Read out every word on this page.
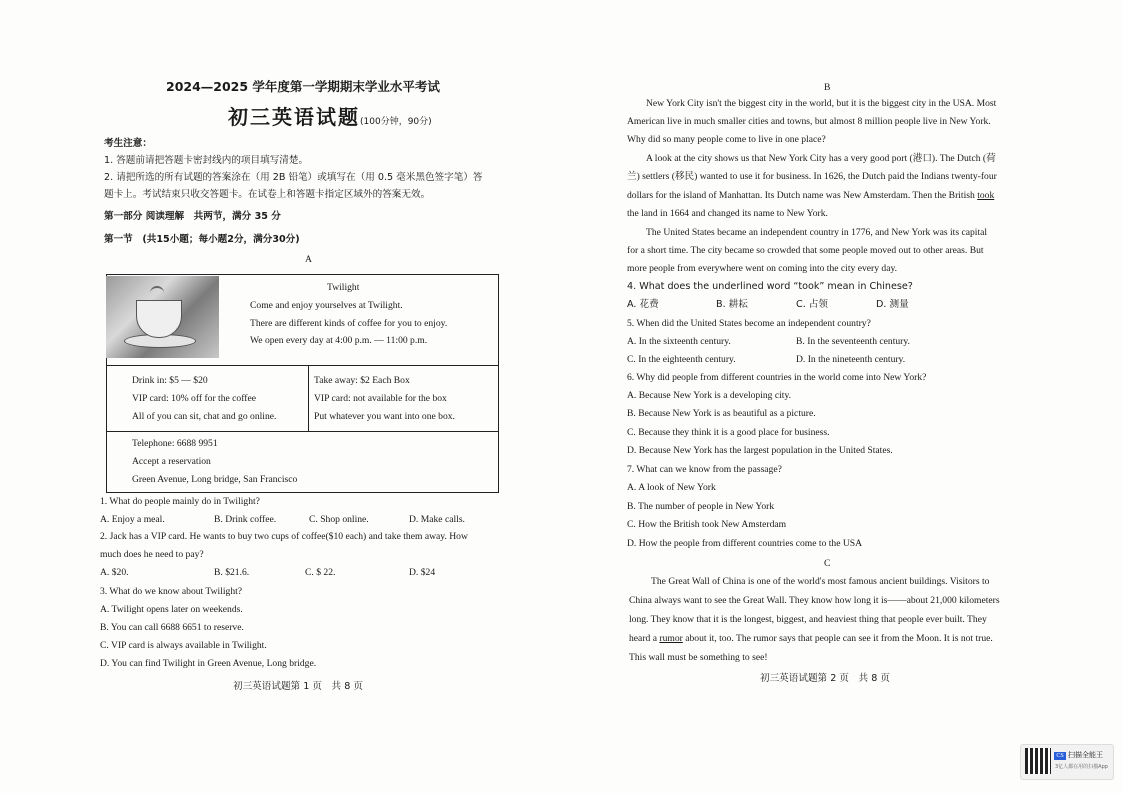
2024—2025 学年度第一学期期末学业水平考试
初三英语试题(100分钟，90分)
考生注意：
1. 答题前请把答题卡密封线内的项目填写清楚。
2. 请把所选的所有试题的答案涂在（用 2B 铅笔）或填写在（用 0.5 毫米黑色签字笔）答
题卡上。考试结束只收交答题卡。在试卷上和答题卡指定区域外的答案无效。
第一部分 阅读理解　共两节，满分 35 分
第一节　(共15小题；每小题2分，满分30分)
A
Twilight
Come and enjoy yourselves at Twilight.
There are different kinds of coffee for you to enjoy.
We open every day at 4:00 p.m. — 11:00 p.m.
Drink in: $5 — $20
VIP card: 10% off for the coffee
All of you can sit, chat and go online.
Take away: $2 Each Box
VIP card: not available for the box
Put whatever you want into one box.
Telephone: 6688 9951
Accept a reservation
Green Avenue, Long bridge, San Francisco
1. What do people mainly do in Twilight?
A. Enjoy a meal.	B. Drink coffee.	C. Shop online.	D. Make calls.
2. Jack has a VIP card. He wants to buy two cups of coffee($10 each) and take them away. How
much does he need to pay?
A. $20.	B. $21.6.	C. $ 22.	D. $24
3. What do we know about Twilight?
A. Twilight opens later on weekends.
B. You can call 6688 6651 to reserve.
C. VIP card is always available in Twilight.
D. You can find Twilight in Green Avenue, Long bridge.
初三英语试题第 1 页　共 8 页
B
New York City isn't the biggest city in the world, but it is the biggest city in the USA. Most
American live in much smaller cities and towns, but almost 8 million people live in New York.
Why did so many people come to live in one place?
A look at the city shows us that New York City has a very good port (港口). The Dutch (荷
兰) settlers (移民) wanted to use it for business. In 1626, the Dutch paid the Indians twenty-four
dollars for the island of Manhattan. Its Dutch name was New Amsterdam. Then the British took
the land in 1664 and changed its name to New York.
The United States became an independent country in 1776, and New York was its capital
for a short time. The city became so crowded that some people moved out to other areas. But
more people from everywhere went on coming into the city every day.
4. What does the underlined word “took” mean in Chinese?
A. 花费	B. 耕耘	C. 占领	D. 测量
5. When did the United States become an independent country?
A. In the sixteenth century.	B. In the seventeenth century.
C. In the eighteenth century.	D. In the nineteenth century.
6. Why did people from different countries in the world come into New York?
A. Because New York is a developing city.
B. Because New York is as beautiful as a picture.
C. Because they think it is a good place for business.
D. Because New York has the largest population in the United States.
7. What can we know from the passage?
A. A look of New York
B. The number of people in New York
C. How the British took New Amsterdam
D. How the people from different countries come to the USA
C
The Great Wall of China is one of the world's most famous ancient buildings. Visitors to
China always want to see the Great Wall. They know how long it is——about 21,000 kilometers
long. They know that it is the longest, biggest, and heaviest thing that people ever built. They
heard a rumor about it, too. The rumor says that people can see it from the Moon. It is not true.
This wall must be something to see!
初三英语试题第 2 页　共 8 页
CS 扫描全能王
3亿人都在用的扫描App
